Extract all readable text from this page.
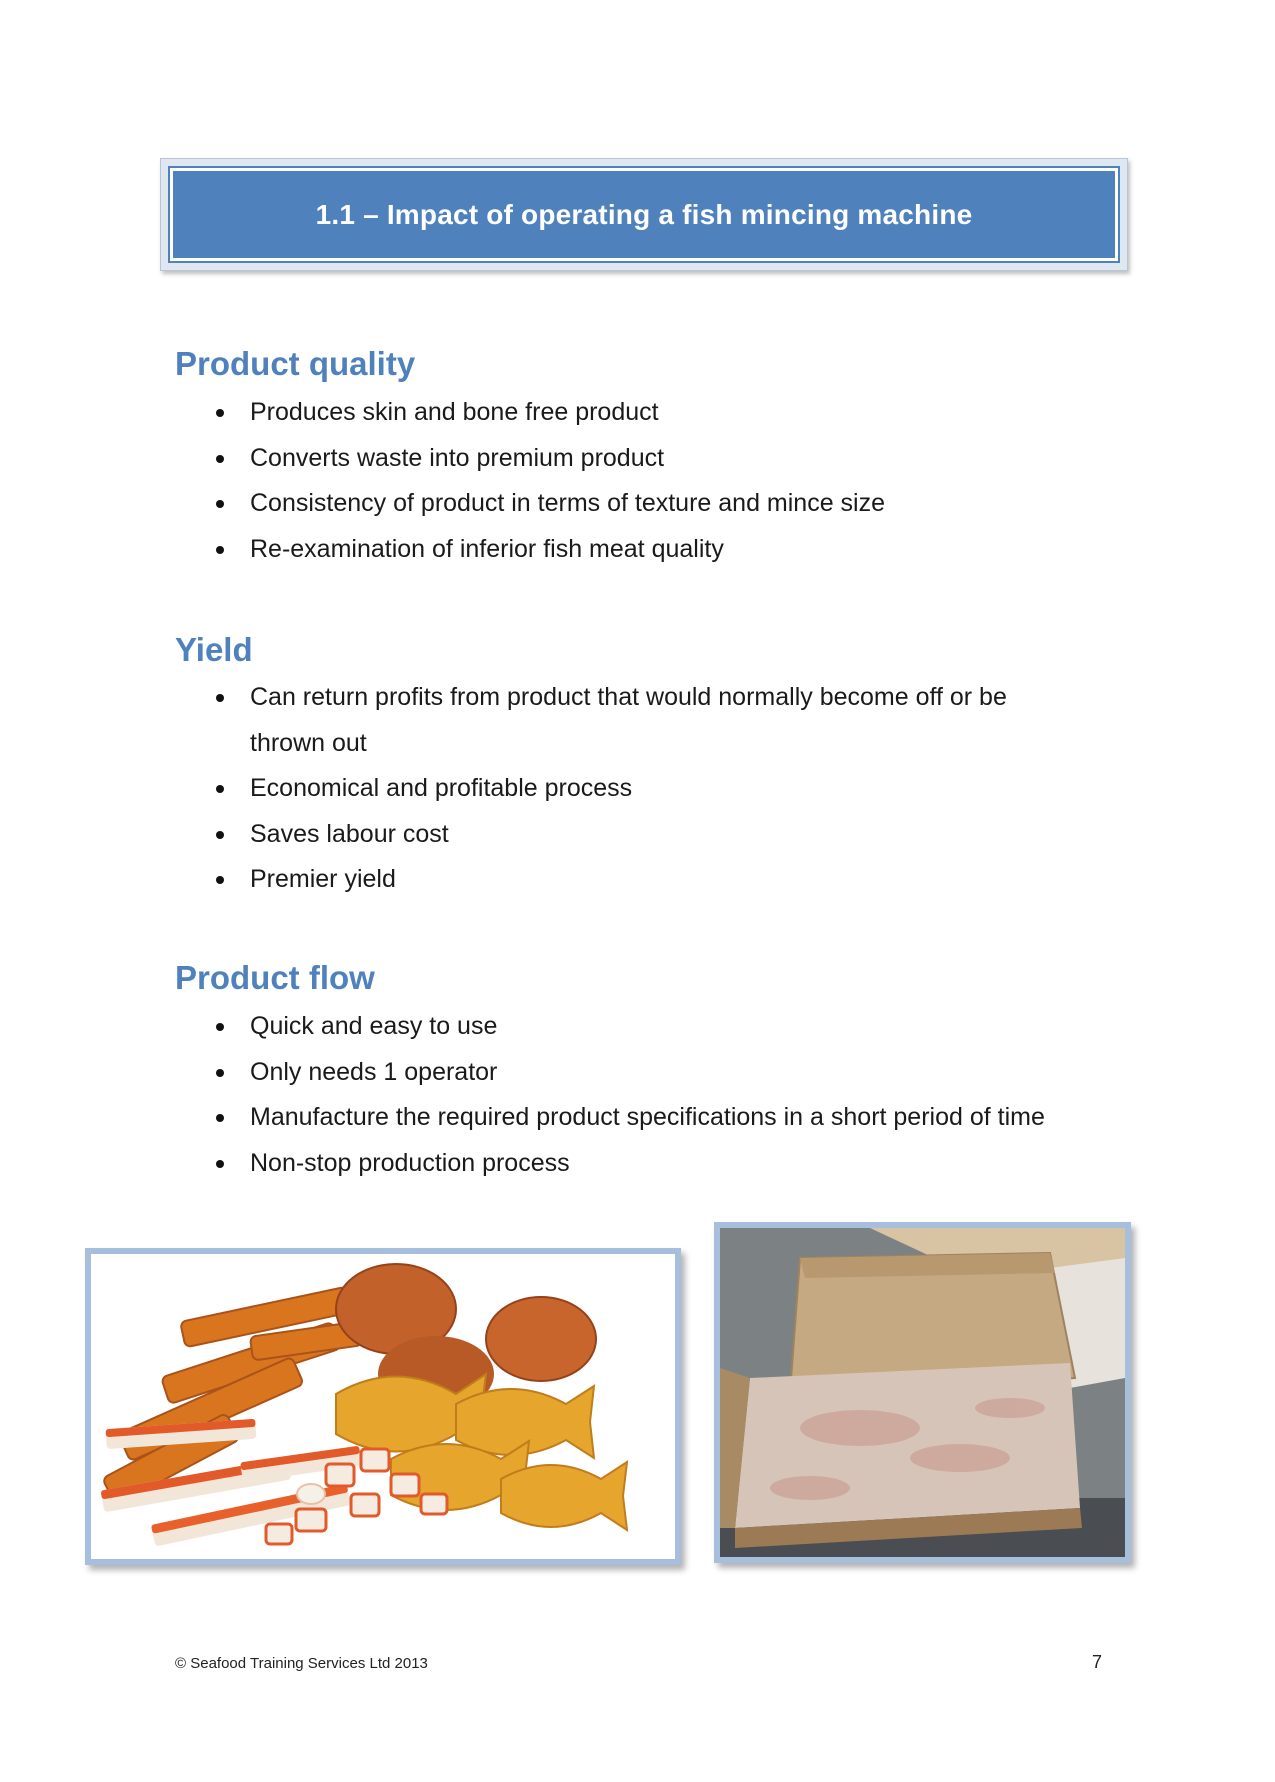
1.1 – Impact of operating a fish mincing machine
Product quality
Produces skin and bone free product
Converts waste into premium product
Consistency of product in terms of texture and mince size
Re-examination of inferior fish meat quality
Yield
Can return profits from product that would normally become off or be thrown out
Economical and profitable process
Saves labour cost
Premier yield
Product flow
Quick and easy to use
Only needs 1 operator
Manufacture the required product specifications in a short period of time
Non-stop production process
© Seafood Training Services Ltd 2013	7
